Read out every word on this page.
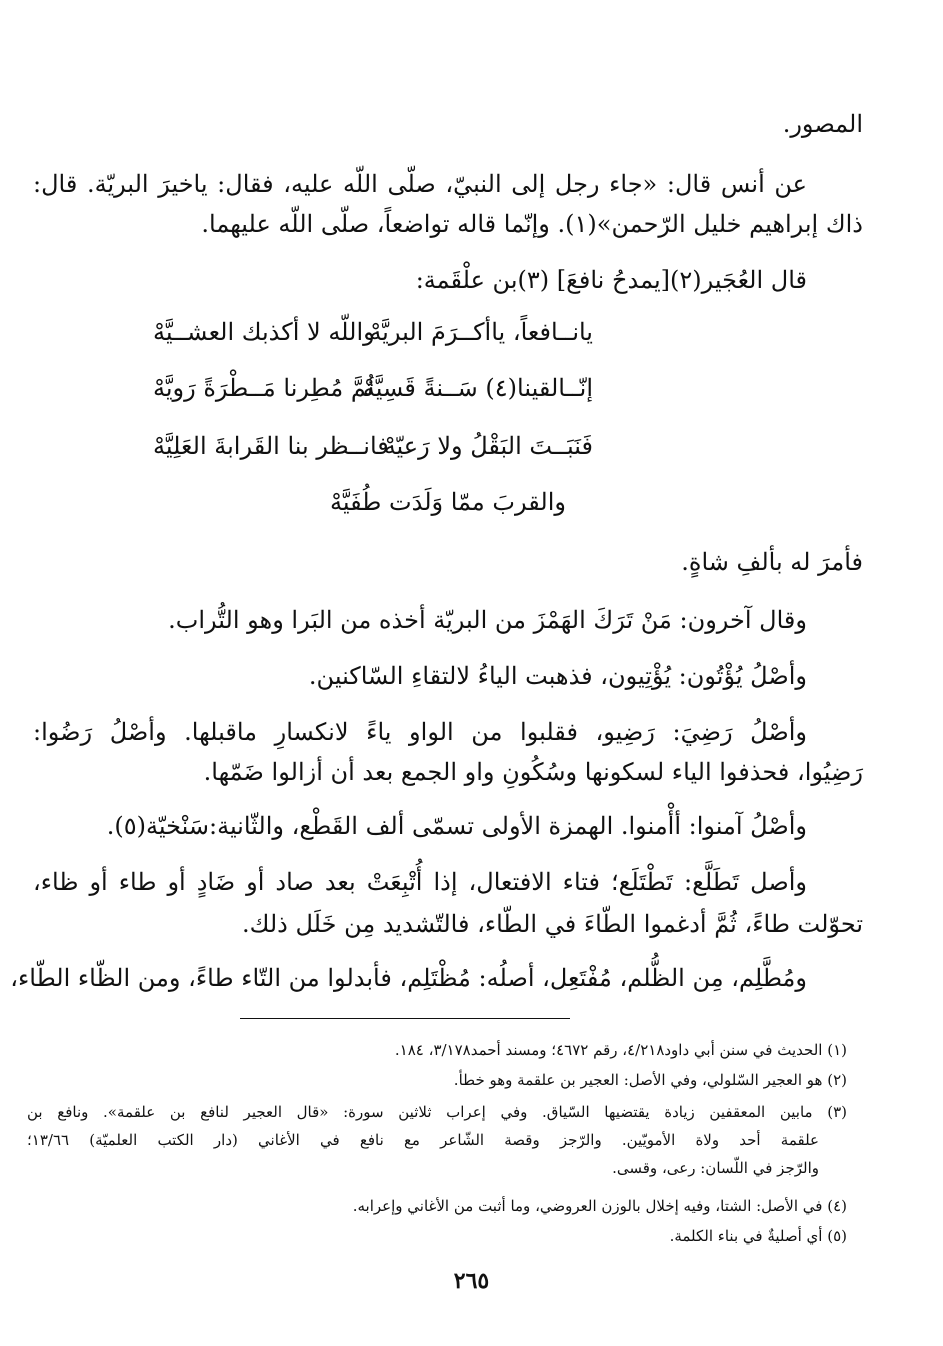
المصور.

عن أنس قال: «جاء رجل إلى النبيّ، صلّى اللّه عليه، فقال: ياخيرَ البريّة. قال:

ذاك إبراهيم خليل الرّحمن»(١). وإنّما قاله تواضعاً، صلّى اللّه عليهما.

قال العُجَير(٢)[يمدحُ نافعَ] (٣)بن علْقَمة:

يانــافعاً، ياأكــرَمَ البريَّهْ
واللّه لا أكذبك العشــيَّهْ
إنّــالقينا(٤) سَــنةً قَسِيَّهْ
ثُمَّ مُطِرنا مَــطْرَةً رَويَّهْ
فَنَبَــتَ البَقْلُ ولا رَعيّهْ
فانــظر بنا القَرابةَ العَلِيَّهْ
والقربَ ممّا وَلَدَت طُفَيَّهْ

فأمرَ له بألفِ شاةٍ.

وقال آخرون: مَنْ تَرَكَ الهَمْزَ من البريّة أخذه من البَرا وهو التُّراب.

وأصْلُ يُؤْتُون: يُؤْتِيون، فذهبت الياءُ لالتقاءِ السّاكنين.

وأصْلُ رَضِيَ: رَضِيو، فقلبوا من الواو ياءً لانكسارِ ماقبلها. وأصْلُ رَضُوا:

رَضِيُوا، فحذفوا الياء لسكونها وسُكُونِ واو الجمع بعد أن أزالوا ضَمّها.

وأصْلُ آمنوا: أأْمنوا. الهمزة الأولى تسمّى ألف القَطْع، والثّانية:سَنْخيّة(٥).

وأصل تَطَلَّع: تَطْتَلَع؛ فتاء الافتعال، إذا أُتْبِعَتْ بعد صاد أو ضَادٍ أو طاء أو ظاء،

تحوّلت طاءً، ثُمَّ أدغموا الطّاءَ في الطّاء، فالتّشديد مِن خَلَل ذلك.

ومُطَّلِم، مِن الظُّلم، مُفْتَعِل، أصلُه: مُظْتَلِم، فأبدلوا من التّاء طاءً، ومن الظّاء الطّاء،

(١) الحديث في سنن أبي داود٤/٢١٨، رقم ٤٦٧٢؛ ومسند أحمد٣/١٧٨، ١٨٤.
(٢) هو العجير السّلولي، وفي الأصل: العجير بن علقمة وهو خطأ.
(٣) مابين المعقفين زيادة يقتضيها السّياق. وفي إعراب ثلاثين سورة: «قال العجير لنافع بن علقمة». ونافع بن
علقمة أحد ولاة الأمويّين. والرّجز وقصة الشّاعر مع نافع في الأغاني (دار الكتب العلميّة) ١٣/٦٦؛
والرّجز في اللّسان: رعى، وقسى.
(٤) في الأصل: الشتا، وفيه إخلال بالوزن العروضي، وما أثبت من الأغاني وإعرابه.
(٥) أي أصليةٌ في بناء الكلمة.
٢٦٥
